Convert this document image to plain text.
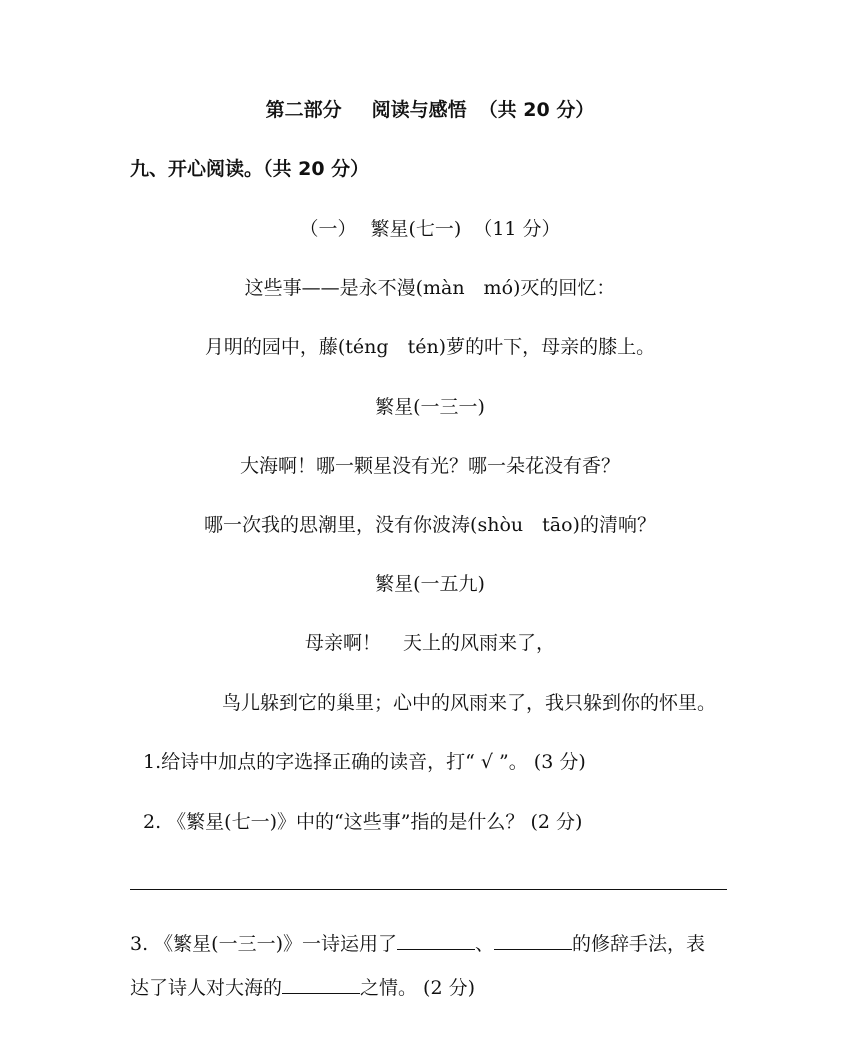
第二部分 阅读与感悟 （共 20 分）
九、开心阅读。（共 20 分）
（一） 繁星(七一) （11 分）
这些事——是永不漫(màn　mó)灭的回忆：
月明的园中，藤(téng　tén)萝的叶下，母亲的膝上。
繁星(一三一)
大海啊！哪一颗星没有光？哪一朵花没有香？
哪一次我的思潮里，没有你波涛(shòu　tāo)的清响？
繁星(一五九)
母亲啊！ 天上的风雨来了，
鸟儿躲到它的巢里；心中的风雨来了，我只躲到你的怀里。
1.给诗中加点的字选择正确的读音，打“ √ ”。 (3 分)
2. 《繁星(七一)》中的“这些事”指的是什么？ (2 分)
3. 《繁星(一三一)》一诗运用了	、	的修辞手法，表
达了诗人对大海的	之情。 (2 分)
